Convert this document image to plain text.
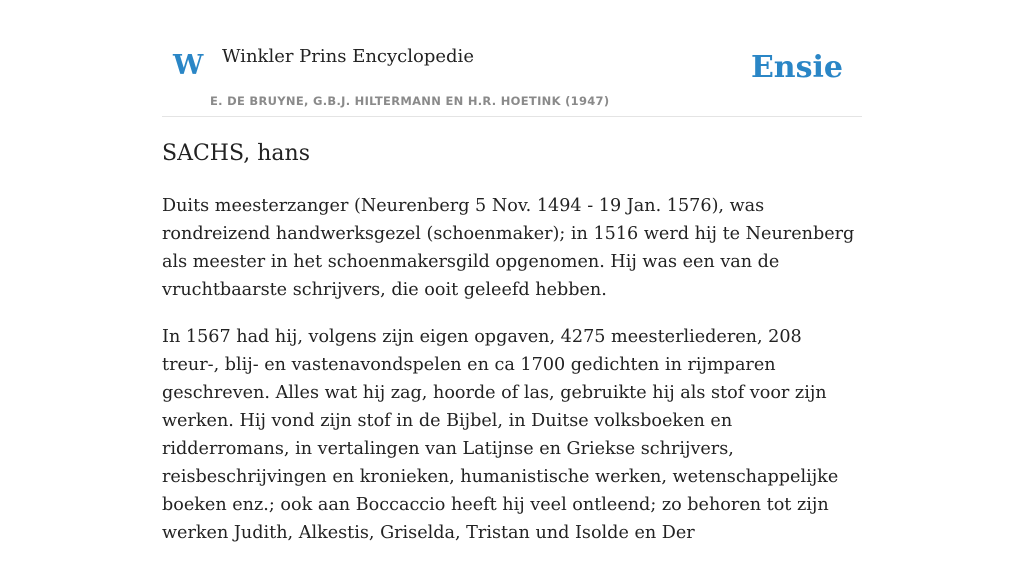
W Winkler Prins Encyclopedie
E. DE BRUYNE, G.B.J. HILTERMANN EN H.R. HOETINK (1947)
Ensie
SACHS, hans

Duits meesterzanger (Neurenberg 5 Nov. 1494 - 19 Jan. 1576), was rondreizend handwerksgezel (schoenmaker); in 1516 werd hij te Neurenberg als meester in het schoenmakersgild opgenomen. Hij was een van de vruchtbaarste schrijvers, die ooit geleefd hebben.

In 1567 had hij, volgens zijn eigen opgaven, 4275 meesterliederen, 208 treur-, blij- en vastenavondspelen en ca 1700 gedichten in rijmparen geschreven. Alles wat hij zag, hoorde of las, gebruikte hij als stof voor zijn werken. Hij vond zijn stof in de Bijbel, in Duitse volksboeken en ridderromans, in vertalingen van Latijnse en Griekse schrijvers, reisbeschrijvingen en kronieken, humanistische werken, wetenschappelijke boeken enz.; ook aan Boccaccio heeft hij veel ontleend; zo behoren tot zijn werken Judith, Alkestis, Griselda, Tristan und Isolde en Der
